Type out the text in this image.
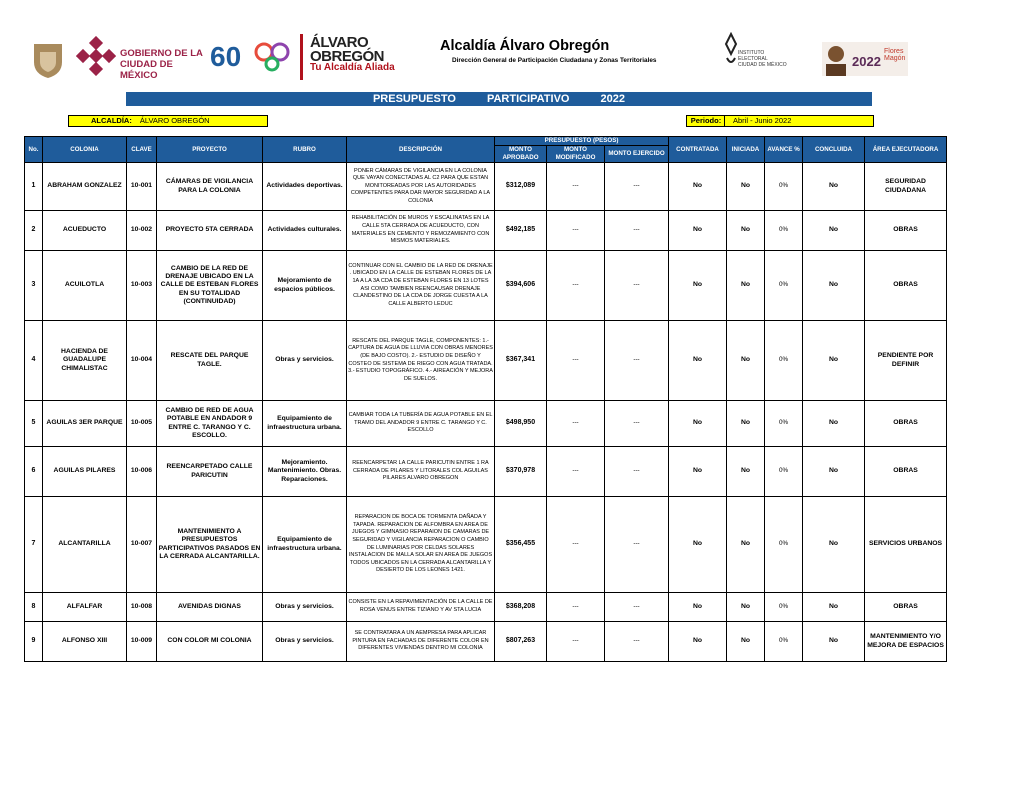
GOBIERNO DE LA
CIUDAD DE MÉXICO
60	ÁLVARO
OBREGÓN
Tu Alcaldía Aliada
Alcaldía Álvaro Obregón
Dirección General de Participación Ciudadana y Zonas Territoriales
INSTITUTO ELECTORAL
CIUDAD DE MÉXICO	2022
Flores Magón
PRESUPUESTO	PARTICIPATIVO	2022
ALCALDÍA: ÁLVARO OBREGÓN	Periodo:	Abril - Junio 2022
No.	COLONIA	CLAVE	PROYECTO	RUBRO	DESCRIPCIÓN	PRESUPUESTO (PESOS)			CONTRATADA	INICIADA	AVANCE %	CONCLUIDA	ÁREA EJECUTADORA
						MONTO APROBADO	MONTO MODIFICADO	MONTO EJERCIDO					
1	ABRAHAM GONZALEZ	10-001	CÁMARAS DE VIGILANCIA PARA LA COLONIA	Actividades deportivas.	PONER CÁMARAS DE VIGILANCIA EN LA COLONIA QUE VAYAN CONECTADAS AL C2 PARA QUE ESTAN MONITOREADAS POR LAS AUTORIDADES COMPETENTES PARA DAR MAYOR SEGURIDAD A LA COLONIA	$312,089	---	---	No	No	0%	No	SEGURIDAD CIUDADANA
2	ACUEDUCTO	10-002	PROYECTO 5TA CERRADA	Actividades culturales.	REHABILITACIÓN DE MUROS Y ESCALINATAS EN LA CALLE 5TA CERRADA DE ACUEDUCTO, CON MATERIALES EN CEMENTO Y REMOZAMIENTO CON MISMOS MATERIALES.	$492,185	---	---	No	No	0%	No	OBRAS
3	ACUILOTLA	10-003	CAMBIO DE LA RED DE DRENAJE UBICADO EN LA CALLE DE ESTEBAN FLORES EN SU TOTALIDAD (CONTINUIDAD)	Mejoramiento de espacios públicos.	CONTINUAR CON EL CAMBIO DE LA RED DE DRENAJE . UBICADO EN LA CALLE DE ESTEBAN FLORES DE LA 1A A LA 3A CDA DE ESTEBAN FLORES EN 13 LOTES ASI COMO TAMBIEN REENCAUSAR DRENAJE CLANDESTINO DE LA CDA DE JORGE CUESTA A LA CALLE ALBERTO LEDUC	$394,606	---	---	No	No	0%	No	OBRAS
4	HACIENDA DE GUADALUPE CHIMALISTAC	10-004	RESCATE DEL PARQUE TAGLE.	Obras y servicios.	RESCATE DEL PARQUE TAGLE, COMPONENTES: 1.- CAPTURA DE AGUA DE LLUVIA CON OBRAS MENORES (DE BAJO COSTO). 2.- ESTUDIO DE DISEÑO Y COSTEO DE SISTEMA DE RIEGO CON AGUA TRATADA. 3.- ESTUDIO TOPOGRÁFICO. 4.- AIREACIÓN Y MEJORA DE SUELOS.	$367,341	---	---	No	No	0%	No	PENDIENTE POR DEFINIR
5	AGUILAS 3ER PARQUE	10-005	CAMBIO DE RED DE AGUA POTABLE EN ANDADOR 9 ENTRE C. TARANGO Y C. ESCOLLO.	Equipamiento de infraestructura urbana.	CAMBIAR TODA LA TUBERÍA DE AGUA POTABLE EN EL TRAMO DEL ANDADOR 9 ENTRE C. TARANGO Y C. ESCOLLO	$498,950	---	---	No	No	0%	No	OBRAS
6	AGUILAS PILARES	10-006	REENCARPETADO CALLE PARICUTIN	Mejoramiento. Mantenimiento. Obras. Reparaciones.	REENCARPETAR LA CALLE PARICUTIN ENTRE 1 RA CERRADA DE PILARES Y LITORALES COL AGUILAS PILARES ALVARO OBREGON	$370,978	---	---	No	No	0%	No	OBRAS
7	ALCANTARILLA	10-007	MANTENIMIENTO A PRESUPUESTOS PARTICIPATIVOS PASADOS EN LA CERRADA ALCANTARILLA.	Equipamiento de infraestructura urbana.	REPARACION DE BOCA DE TORMENTA DAÑADA Y TAPADA. REPARACION DE ALFOMBRA EN AREA DE JUEGOS Y GIMNASIO REPARAION DE CAMARAS DE SEGURIDAD Y VIGILANCIA REPARACION O CAMBIO DE LUMINARIAS POR CELDAS SOLARES INSTALACION DE MALLA SOLAR EN AREA DE JUEGOS TODOS UBICADOS EN LA CERRADA ALCANTARILLA Y DESIERTO DE LOS LEONES 1421.	$356,455	---	---	No	No	0%	No	SERVICIOS URBANOS
8	ALFALFAR	10-008	AVENIDAS DIGNAS	Obras y servicios.	CONSISTE EN LA REPAVIMENTACIÓN DE LA CALLE DE ROSA VENUS ENTRE TIZIANO Y AV STA LUCIA	$368,208	---	---	No	No	0%	No	OBRAS
9	ALFONSO XIII	10-009	CON COLOR MI COLONIA	Obras y servicios.	SE CONTRATARA A UN AEMPRESA PARA APLICAR PINTURA EN FACHADAS DE DIFERENTE COLOR EN DIFERENTES VIVIENDAS DENTRO MI COLONIA	$807,263	---	---	No	No	0%	No	MANTENIMIENTO Y/O MEJORA DE ESPACIOS
